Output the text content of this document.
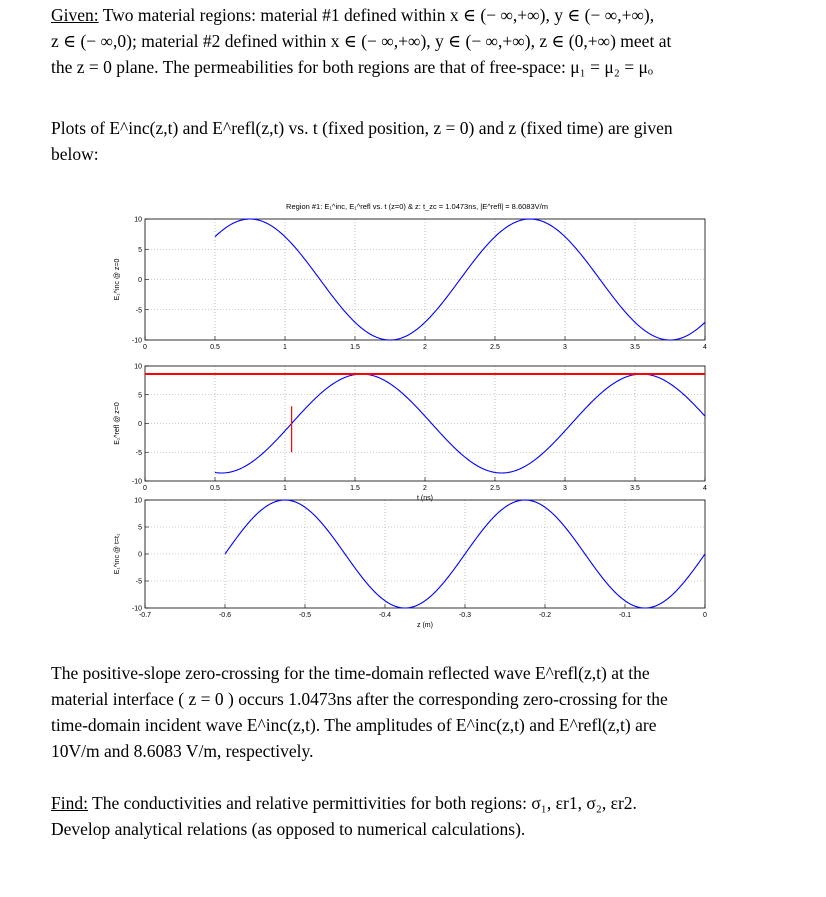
Given: Two material regions: material #1 defined within x ∈ (− ∞,+∞), y ∈ (− ∞,+∞),
z ∈ (− ∞,0); material #2 defined within x ∈ (− ∞,+∞), y ∈ (− ∞,+∞), z ∈ (0,+∞) meet at
the z = 0 plane. The permeabilities for both regions are that of free-space: μ₁ = μ₂ = μₒ
Plots of E^inc(z,t) and E^refl(z,t) vs. t (fixed position, z = 0) and z (fixed time) are given
below:
Region #1: E₁^inc, E₁^refl vs. t (z=0) & z: t_zc = 1.0473ns, |E^refl| = 8.6083V/m
0	0.5	1	1.5	2	2.5	3	3.5	4
10
5
0
-5
-10
E₁^inc @ z=0
0	0.5	1	1.5	2	2.5	3	3.5	4
10
5
0
-5
-10
E₁^refl @ z=0
t (ns)
-0.7	-0.6	-0.5	-0.4	-0.3	-0.2	-0.1	0
10
5
0
-5
-10
E₁^inc @ t=t₁
z (m)
The positive-slope zero-crossing for the time-domain reflected wave E^refl(z,t) at the
material interface ( z = 0 ) occurs 1.0473ns after the corresponding zero-crossing for the
time-domain incident wave E^inc(z,t). The amplitudes of E^inc(z,t) and E^refl(z,t) are
10V/m and 8.6083 V/m, respectively.
Find: The conductivities and relative permittivities for both regions: σ₁, εr1, σ₂, εr2.
Develop analytical relations (as opposed to numerical calculations).
